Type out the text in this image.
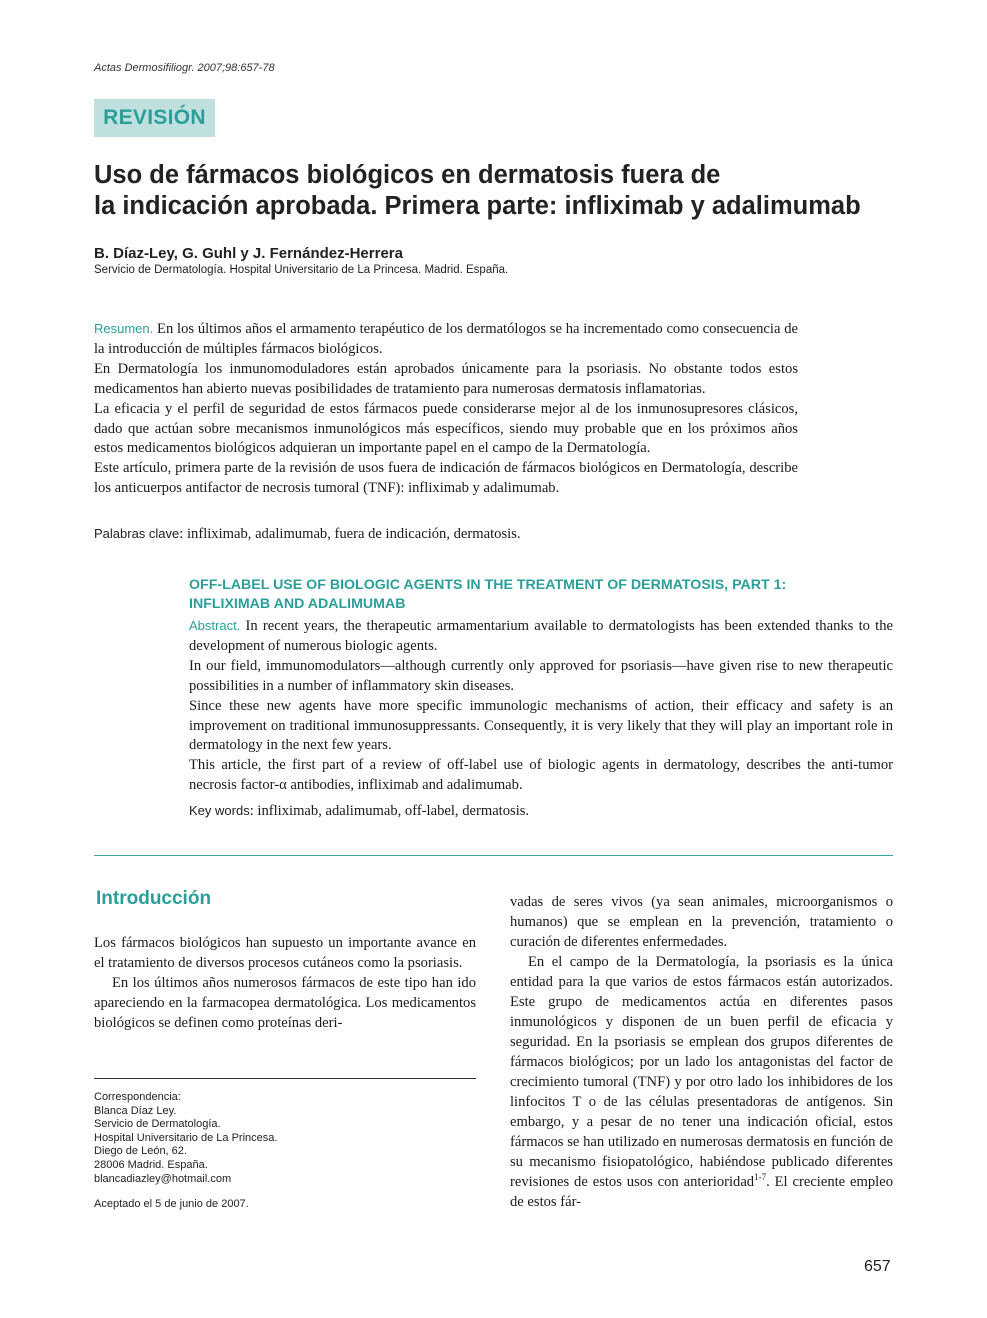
Actas Dermosifiliogr. 2007;98:657-78
REVISIÓN
Uso de fármacos biológicos en dermatosis fuera de
la indicación aprobada. Primera parte: infliximab y adalimumab
B. Díaz-Ley, G. Guhl y J. Fernández-Herrera
Servicio de Dermatología. Hospital Universitario de La Princesa. Madrid. España.

Resumen. En los últimos años el armamento terapéutico de los dermatólogos se ha incrementado como consecuencia de la introducción de múltiples fármacos biológicos.

En Dermatología los inmunomoduladores están aprobados únicamente para la psoriasis. No obstante todos estos medicamentos han abierto nuevas posibilidades de tratamiento para numerosas dermatosis inflamatorias.

La eficacia y el perfil de seguridad de estos fármacos puede considerarse mejor al de los inmunosupresores clásicos, dado que actúan sobre mecanismos inmunológicos más específicos, siendo muy probable que en los próximos años estos medicamentos biológicos adquieran un importante papel en el campo de la Dermatología.

Este artículo, primera parte de la revisión de usos fuera de indicación de fármacos biológicos en Dermatología, describe los anticuerpos antifactor de necrosis tumoral (TNF): infliximab y adalimumab.

Palabras clave: infliximab, adalimumab, fuera de indicación, dermatosis.
OFF-LABEL USE OF BIOLOGIC AGENTS IN THE TREATMENT OF DERMATOSIS, PART 1:
INFLIXIMAB AND ADALIMUMAB

Abstract. In recent years, the therapeutic armamentarium available to dermatologists has been extended thanks to the development of numerous biologic agents.

In our field, immunomodulators—although currently only approved for psoriasis—have given rise to new therapeutic possibilities in a number of inflammatory skin diseases.

Since these new agents have more specific immunologic mechanisms of action, their efficacy and safety is an improvement on traditional immunosuppressants. Consequently, it is very likely that they will play an important role in dermatology in the next few years.

This article, the first part of a review of off-label use of biologic agents in dermatology, describes the anti-tumor necrosis factor-α antibodies, infliximab and adalimumab.

Key words: infliximab, adalimumab, off-label, dermatosis.
Introducción

Los fármacos biológicos han supuesto un importante avance en el tratamiento de diversos procesos cutáneos como la psoriasis.

En los últimos años numerosos fármacos de este tipo han ido apareciendo en la farmacopea dermatológica. Los medicamentos biológicos se definen como proteínas deri-

Correspondencia:
Blanca Díaz Ley.
Servicio de Dermatología.
Hospital Universitario de La Princesa.
Diego de León, 62.
28006 Madrid. España.
blancadiazley@hotmail.com
Aceptado el 5 de junio de 2007.

vadas de seres vivos (ya sean animales, microorganismos o humanos) que se emplean en la prevención, tratamiento o curación de diferentes enfermedades.

En el campo de la Dermatología, la psoriasis es la única entidad para la que varios de estos fármacos están autorizados. Este grupo de medicamentos actúa en diferentes pasos inmunológicos y disponen de un buen perfil de eficacia y seguridad. En la psoriasis se emplean dos grupos diferentes de fármacos biológicos; por un lado los antagonistas del factor de crecimiento tumoral (TNF) y por otro lado los inhibidores de los linfocitos T o de las células presentadoras de antígenos. Sin embargo, y a pesar de no tener una indicación oficial, estos fármacos se han utilizado en numerosas dermatosis en función de su mecanismo fisiopatológico, habiéndose publicado diferentes revisiones de estos usos con anterioridad$^{1-7}$. El creciente empleo de estos fár-

657
